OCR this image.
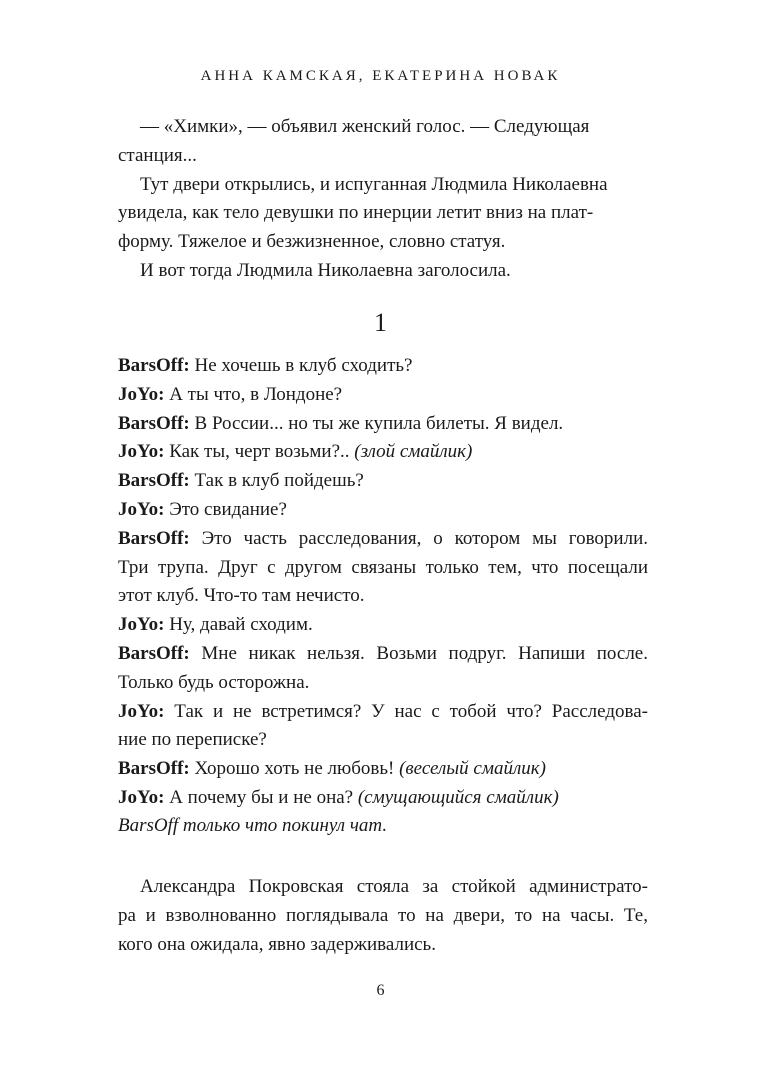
АННА КАМСКАЯ, ЕКАТЕРИНА НОВАК
— «Химки», — объявил женский голос. — Следующая
станция...
Тут двери открылись, и испуганная Людмила Николаевна
увидела, как тело девушки по инерции летит вниз на плат-
форму. Тяжелое и безжизненное, словно статуя.
И вот тогда Людмила Николаевна заголосила.
1
BarsOff: Не хочешь в клуб сходить?
JoYo: А ты что, в Лондоне?
BarsOff: В России... но ты же купила билеты. Я видел.
JoYo: Как ты, черт возьми?.. (злой смайлик)
BarsOff: Так в клуб пойдешь?
JoYo: Это свидание?
BarsOff: Это часть расследования, о котором мы говорили.
Три трупа. Друг с другом связаны только тем, что посещали
этот клуб. Что-то там нечисто.
JoYo: Ну, давай сходим.
BarsOff: Мне никак нельзя. Возьми подруг. Напиши после.
Только будь осторожна.
JoYo: Так и не встретимся? У нас с тобой что? Расследова-
ние по переписке?
BarsOff: Хорошо хоть не любовь! (веселый смайлик)
JoYo: А почему бы и не она? (смущающийся смайлик)
BarsOff только что покинул чат.
Александра Покровская стояла за стойкой администрато-
ра и взволнованно поглядывала то на двери, то на часы. Те,
кого она ожидала, явно задерживались.
6
